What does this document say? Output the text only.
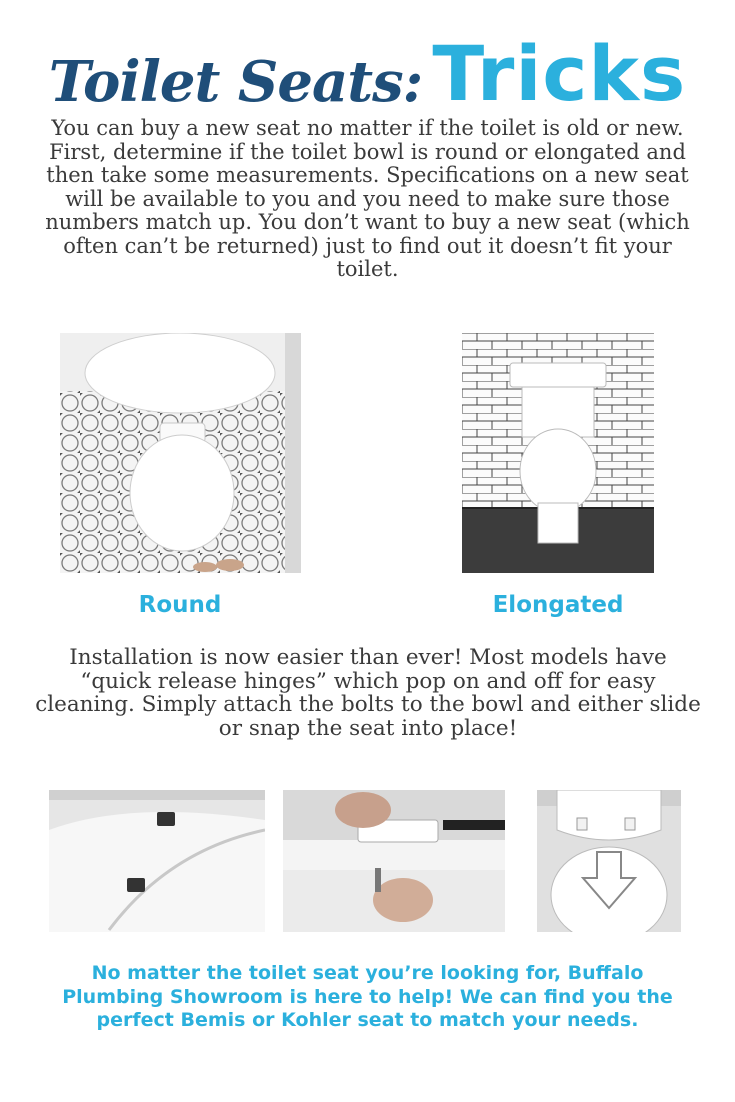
Toilet Seats: Tricks
You can buy a new seat no matter if the toilet is old or new. First, determine if the toilet bowl is round or elongated and then take some measurements. Specifications on a new seat will be available to you and you need to make sure those numbers match up. You don’t want to buy a new seat (which often can’t be returned) just to find out it doesn’t fit your toilet.
Round	Elongated
Installation is now easier than ever! Most models have “quick release hinges” which pop on and off for easy cleaning. Simply attach the bolts to the bowl and either slide or snap the seat into place!
No matter the toilet seat you’re looking for, Buffalo Plumbing Showroom is here to help! We can find you the perfect Bemis or Kohler seat to match your needs.
